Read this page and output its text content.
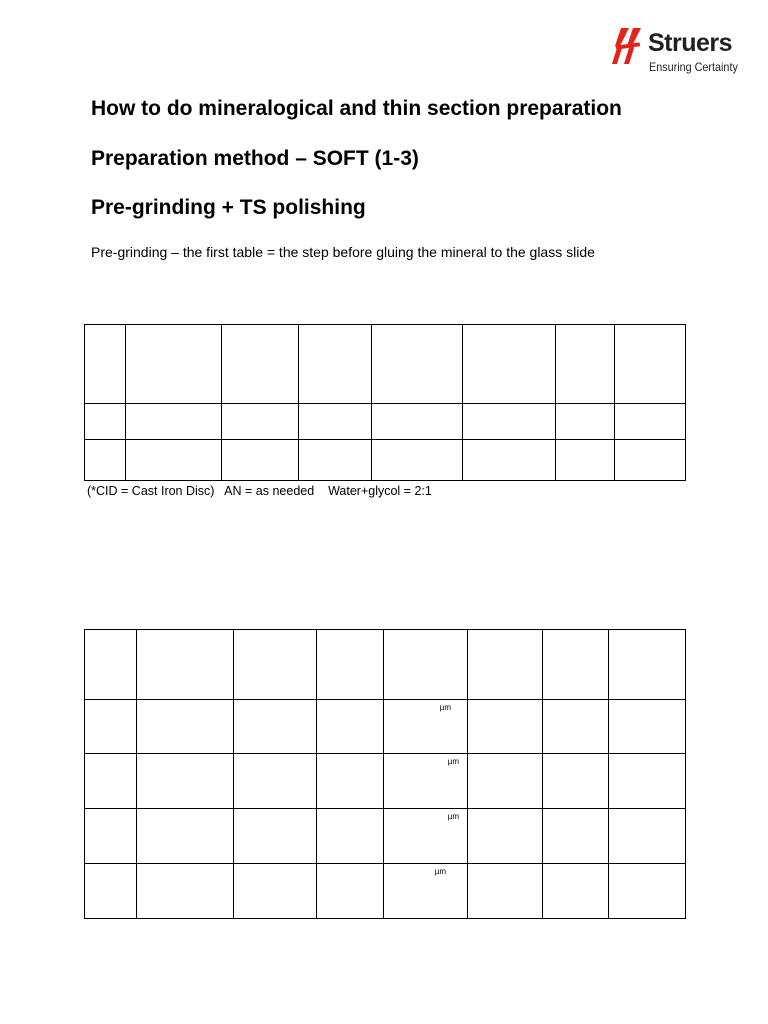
Struers
Ensuring Certainty
How to do mineralogical and thin section preparation
Preparation method – SOFT (1-3)
Pre-grinding + TS polishing

Pre-grinding – the first table = the step before gluing the mineral to the glass slide

(*CID = Cast Iron Disc)   AN = as needed    Water+glycol = 2:1

				µm			

				µm			

				µm			

				µm			
